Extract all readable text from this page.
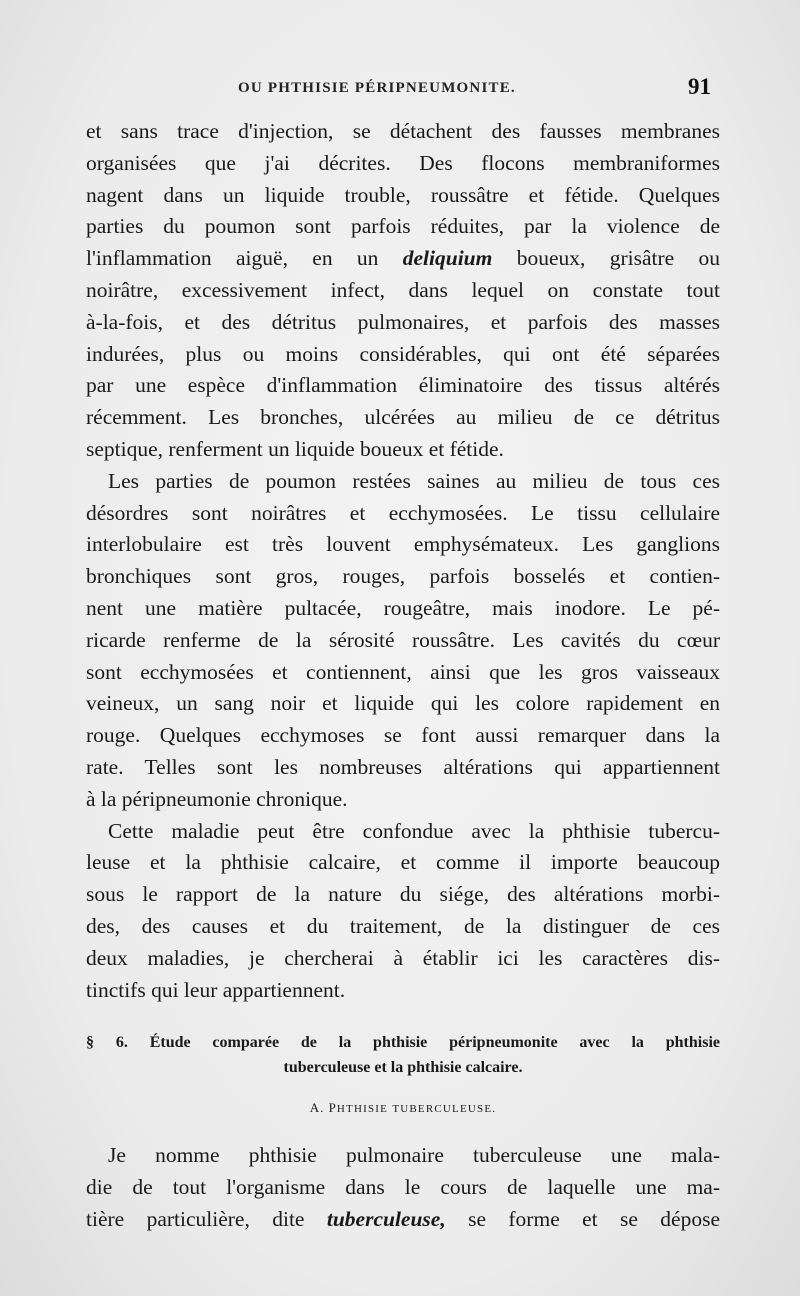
OU PHTHISIE PÉRIPNEUMONITE.	91
et sans trace d'injection, se détachent des fausses membranes
organisées que j'ai décrites. Des flocons membraniformes
nagent dans un liquide trouble, roussâtre et fétide. Quelques
parties du poumon sont parfois réduites, par la violence de
l'inflammation aiguë, en un deliquium boueux, grisâtre ou
noirâtre, excessivement infect, dans lequel on constate tout
à-la-fois, et des détritus pulmonaires, et parfois des masses
indurées, plus ou moins considérables, qui ont été séparées
par une espèce d'inflammation éliminatoire des tissus altérés
récemment. Les bronches, ulcérées au milieu de ce détritus
septique, renferment un liquide boueux et fétide.
Les parties de poumon restées saines au milieu de tous ces
désordres sont noirâtres et ecchymosées. Le tissu cellulaire
interlobulaire est très louvent emphysémateux. Les ganglions
bronchiques sont gros, rouges, parfois bosselés et contien-
nent une matière pultacée, rougeâtre, mais inodore. Le pé-
ricarde renferme de la sérosité roussâtre. Les cavités du cœur
sont ecchymosées et contiennent, ainsi que les gros vaisseaux
veineux, un sang noir et liquide qui les colore rapidement en
rouge. Quelques ecchymoses se font aussi remarquer dans la
rate. Telles sont les nombreuses altérations qui appartiennent
à la péripneumonie chronique.
Cette maladie peut être confondue avec la phthisie tubercu-
leuse et la phthisie calcaire, et comme il importe beaucoup
sous le rapport de la nature du siége, des altérations morbi-
des, des causes et du traitement, de la distinguer de ces
deux maladies, je chercherai à établir ici les caractères dis-
tinctifs qui leur appartiennent.
§ 6. Étude comparée de la phthisie péripneumonite avec la phthisie
tuberculeuse et la phthisie calcaire.
A. PHTHISIE TUBERCULEUSE.
Je nomme phthisie pulmonaire tuberculeuse une mala-
die de tout l'organisme dans le cours de laquelle une ma-
tière particulière, dite tuberculeuse, se forme et se dépose
